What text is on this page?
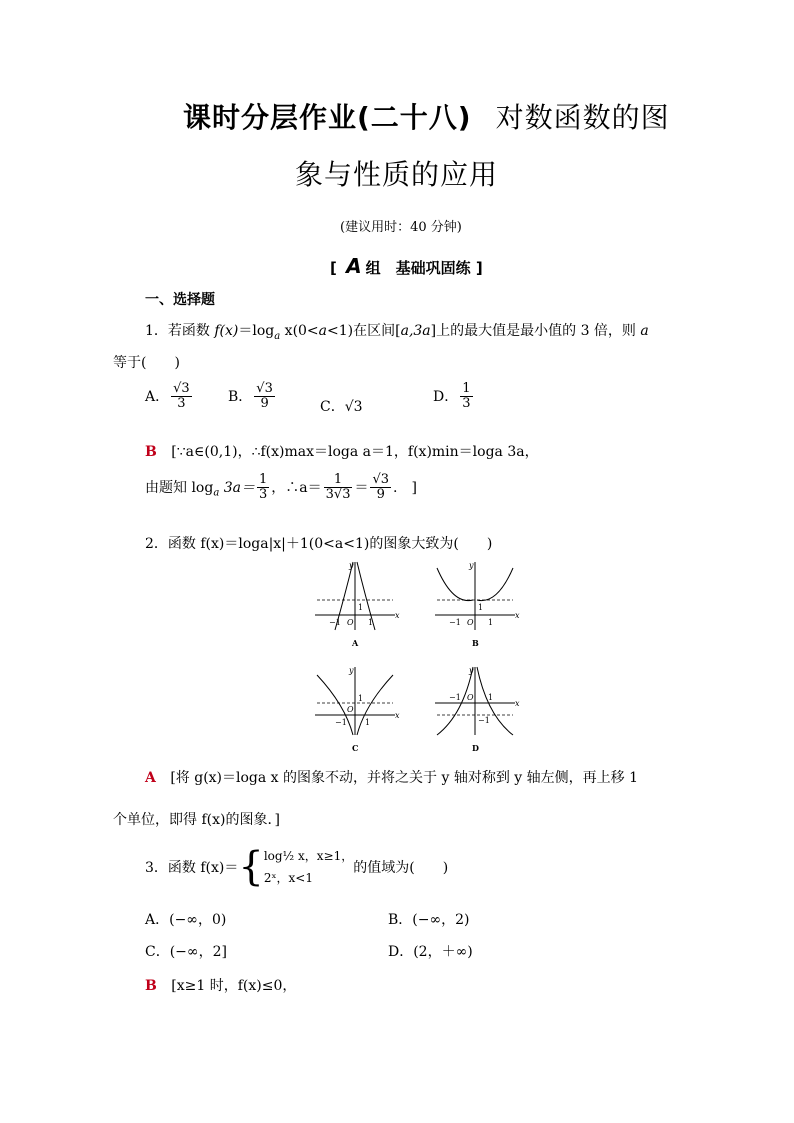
课时分层作业(二十八) 对数函数的图
象与性质的应用
(建议用时：40 分钟)
[ A 组　基础巩固练 ]
一、选择题
1．若函数 $f(x)=\log_a$ x(0<a<1)在区间[a,3a]上的最大值是最小值的 3 倍，则 a
等于(　　)
A． $\frac{√3}{3}$	B． $\frac{√3}{9}$	C．√3
D． $\frac{1}{3}$
B [∵a∈(0,1)，∴f(x)max＝loga a＝1，f(x)min＝loga 3a，
由题知 $\log_a 3a= \frac{1}{3}$ ，∴a＝ $\frac{1}{3√3} = \frac{√3}{9}$ .　]
2．函数 f(x)＝loga|x|＋1(0<a<1)的图象大致为(　　)
x
y
−1 O 1
1
A
x
y
−1 O 1
1
B
x
y
−1
O
1
1
C
x
y
−1 O 1
−1
D
A [将 g(x)＝loga x 的图象不动，并将之关于 y 轴对称到 y 轴左侧，再上移 1
个单位，即得 f(x)的图象．]
3．函数 f(x)＝{ log½ x，x≥1，
2ˣ，x<1
的值域为(　　)
A．(−∞，0)	B．(−∞，2)
C．(−∞，2]	D．(2，＋∞)
B [x≥1 时，f(x)≤0，
